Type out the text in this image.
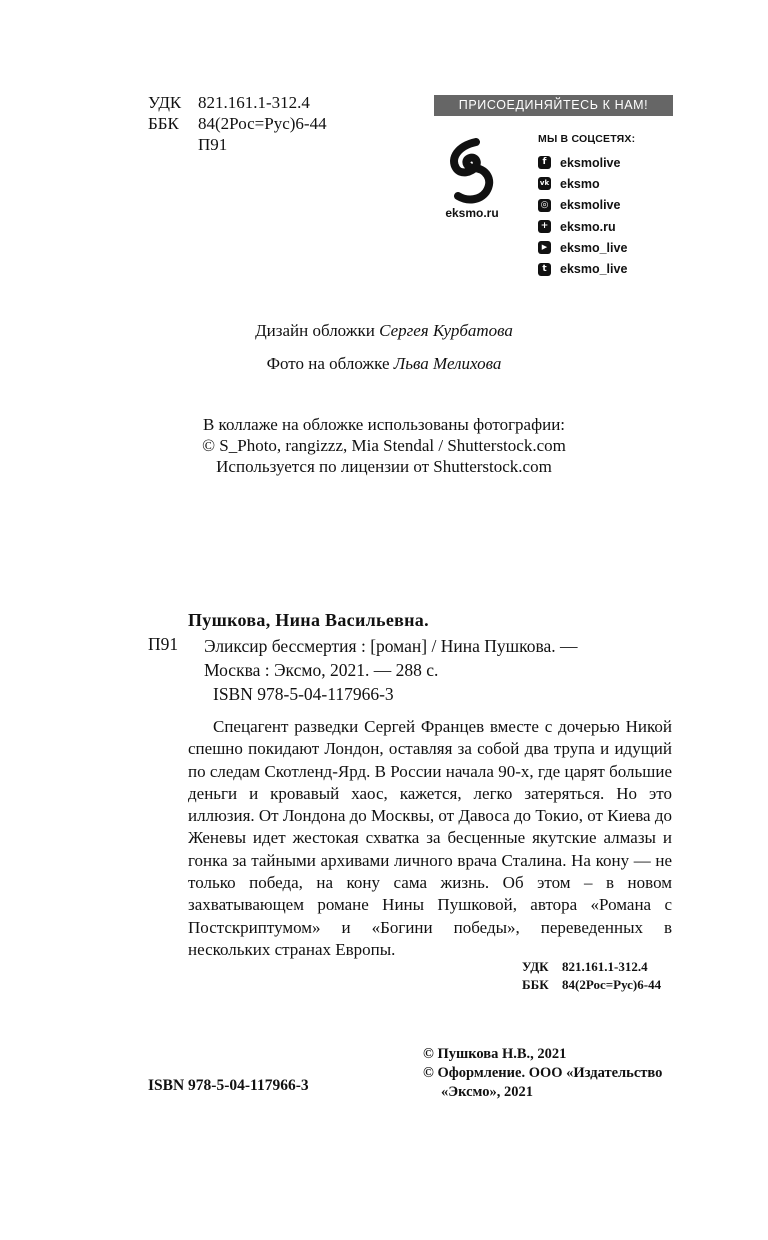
УДК 821.161.1-312.4
ББК	84(2Рос=Рус)6-44
П91
ПРИСОЕДИНЯЙТЕСЬ К НАМ!
eksmo.ru
МЫ В СОЦСЕТЯХ:
f	eksmolive
vk eksmo
◎ eksmolive
+ eksmo.ru
▶	eksmo_live
t	eksmo_live
Дизайн обложки Сергея Курбатова
Фото на обложке Льва Мелихова
В коллаже на обложке использованы фотографии:
© S_Photo, rangizzz, Mia Stendal / Shutterstock.com
Используется по лицензии от Shutterstock.com
Пушкова, Нина Васильевна.
П91 Эликсир бессмертия : [роман] / Нина Пушкова. —
Москва : Эксмо, 2021. — 288 с.
ISBN 978-5-04-117966-3

Спецагент разведки Сергей Францев вместе с дочерью Никой спешно покидают Лондон, оставляя за собой два трупа и идущий по следам Скотленд-Ярд. В России начала 90-х, где царят большие деньги и кровавый хаос, кажется, легко затеряться. Но это иллюзия. От Лондона до Москвы, от Давоса до Токио, от Киева до Женевы идет жестокая схватка за бесценные якутские алмазы и гонка за тайными архивами личного врача Сталина. На кону — не только победа, на кону сама жизнь. Об этом – в новом захватывающем романе Нины Пушковой, автора «Романа с Постскриптумом» и «Богини победы», переведенных в нескольких странах Европы.

УДК 821.161.1-312.4
ББК 84(2Рос=Рус)6-44
© Пушкова Н.В., 2021
© Оформление. ООО «Издательство
«Эксмо», 2021
ISBN 978-5-04-117966-3
